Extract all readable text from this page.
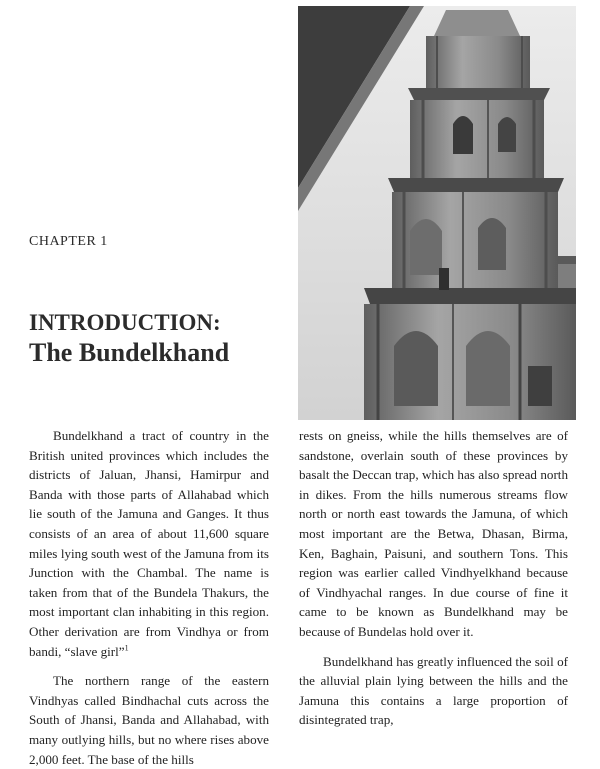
CHAPTER 1
INTRODUCTION:
The Bundelkhand

Bundelkhand a tract of country in the British united provinces which includes the districts of Jaluan, Jhansi, Hamirpur and Banda with those parts of Allahabad which lie south of the Jamuna and Ganges. It thus consists of an area of about 11,600 square miles lying south west of the Jamuna from its Junction with the Chambal. The name is taken from that of the Bundela Thakurs, the most important clan inhabiting in this region. Other derivation are from Vindhya or from bandi, “slave girl”$^1$

The northern range of the eastern Vindhyas called Bindhachal cuts across the South of Jhansi, Banda and Allahabad, with many outlying hills, but no where rises above 2,000 feet. The base of the hills

rests on gneiss, while the hills themselves are of sandstone, overlain south of these provinces by basalt the Deccan trap, which has also spread north in dikes. From the hills numerous streams flow north or north east towards the Jamuna, of which most important are the Betwa, Dhasan, Birma, Ken, Baghain, Paisuni, and southern Tons. This region was earlier called Vindhyelkhand because of Vindhyachal ranges. In due course of fine it came to be known as Bundelkhand may be because of Bundelas hold over it.

Bundelkhand has greatly influenced the soil of the alluvial plain lying between the hills and the Jamuna this contains a large proportion of disintegrated trap,
